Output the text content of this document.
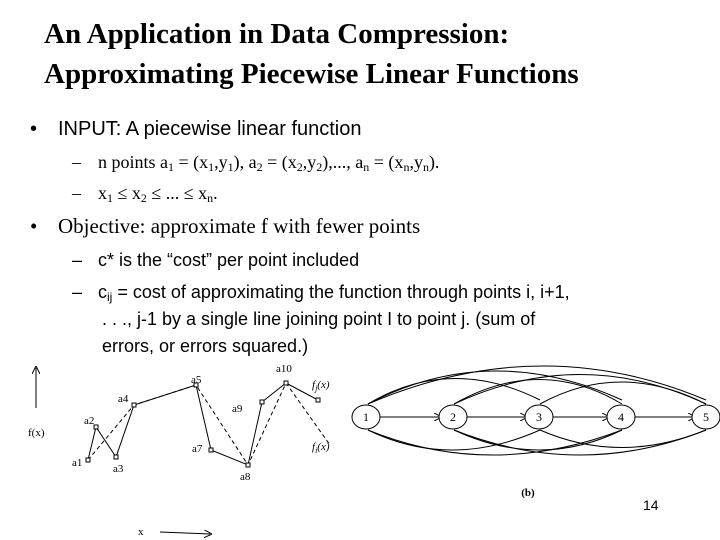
An Application in Data Compression:
Approximating Piecewise Linear Functions
• INPUT: A piecewise linear function
– n points $a_1 = (x_1,y_1)$, $a_2 = (x_2,y_2)$,..., $a_n = (x_n,y_n)$.
– $x_1 \le x_2$ ≤ ... ≤ $x_n$.
• Objective: approximate f with fewer points
– c* is the “cost” per point included
– $c_{ij} = \cos t$ of approximating the function through points i, i+1,
. . ., j-1 by a single line joining point I to point j. (sum of
errors, or errors squared.)
f(x)
x
a1
a2
a3
a4
a5
a7
a8
a9
a10
$f_j(x)$
$f_i(x)$
1	2	3	4	5
(b)
14
